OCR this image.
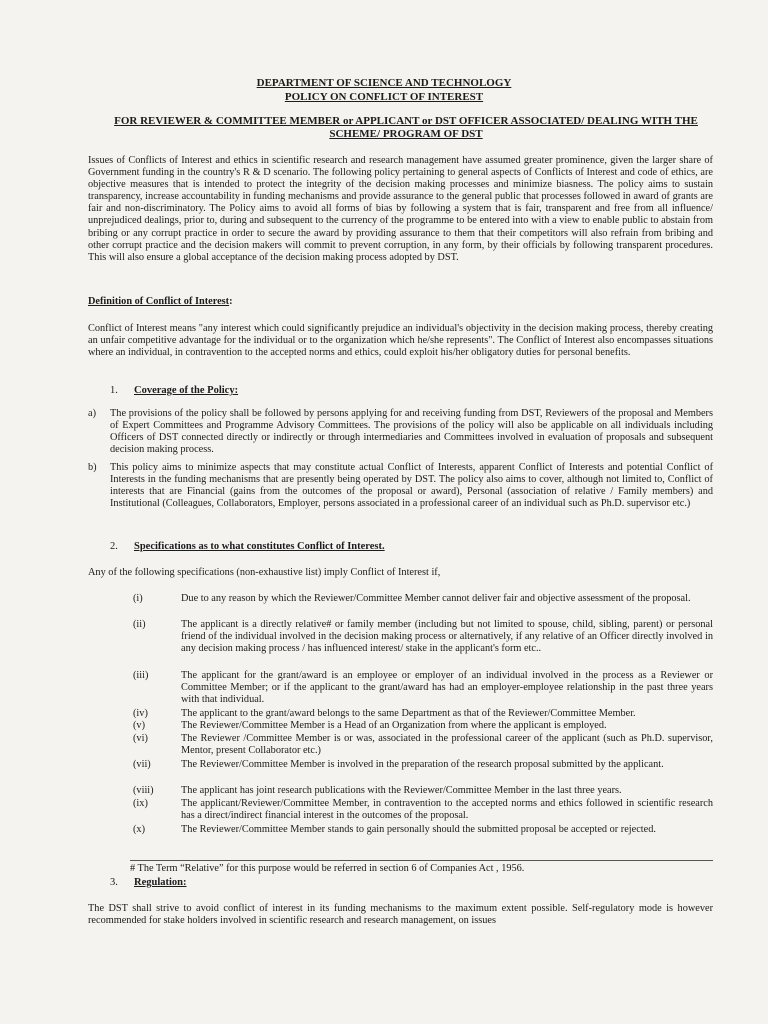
DEPARTMENT OF SCIENCE AND TECHNOLOGY
POLICY ON CONFLICT OF INTEREST
FOR REVIEWER & COMMITTEE MEMBER or APPLICANT or DST OFFICER ASSOCIATED/ DEALING WITH THE SCHEME/ PROGRAM OF DST

Issues of Conflicts of Interest and ethics in scientific research and research management have assumed greater prominence, given the larger share of Government funding in the country's R & D scenario. The following policy pertaining to general aspects of Conflicts of Interest and code of ethics, are objective measures that is intended to protect the integrity of the decision making processes and minimize biasness. The policy aims to sustain transparency, increase accountability in funding mechanisms and provide assurance to the general public that processes followed in award of grants are fair and non-discriminatory. The Policy aims to avoid all forms of bias by following a system that is fair, transparent and free from all influence/ unprejudiced dealings, prior to, during and subsequent to the currency of the programme to be entered into with a view to enable public to abstain from bribing or any corrupt practice in order to secure the award by providing assurance to them that their competitors will also refrain from bribing and other corrupt practice and the decision makers will commit to prevent corruption, in any form, by their officials by following transparent procedures. This will also ensure a global acceptance of the decision making process adopted by DST.

Definition of Conflict of Interest:

Conflict of Interest means "any interest which could significantly prejudice an individual's objectivity in the decision making process, thereby creating an unfair competitive advantage for the individual or to the organization which he/she represents". The Conflict of Interest also encompasses situations where an individual, in contravention to the accepted norms and ethics, could exploit his/her obligatory duties for personal benefits.

1. Coverage of the Policy:
a) The provisions of the policy shall be followed by persons applying for and receiving funding from DST, Reviewers of the proposal and Members of Expert Committees and Programme Advisory Committees. The provisions of the policy will also be applicable on all individuals including Officers of DST connected directly or indirectly or through intermediaries and Committees involved in evaluation of proposals and subsequent decision making process.
b) This policy aims to minimize aspects that may constitute actual Conflict of Interests, apparent Conflict of Interests and potential Conflict of Interests in the funding mechanisms that are presently being operated by DST. The policy also aims to cover, although not limited to, Conflict of interests that are Financial (gains from the outcomes of the proposal or award), Personal (association of relative / Family members) and Institutional (Colleagues, Collaborators, Employer, persons associated in a professional career of an individual such as Ph.D. supervisor etc.)
2. Specifications as to what constitutes Conflict of Interest.
Any of the following specifications (non-exhaustive list) imply Conflict of Interest if,
(i)	Due to any reason by which the Reviewer/Committee Member cannot deliver fair and objective assessment of the proposal.
(ii)	The applicant is a directly relative# or family member (including but not limited to spouse, child, sibling, parent) or personal friend of the individual involved in the decision making process or alternatively, if any relative of an Officer directly involved in any decision making process / has influenced interest/ stake in the applicant's form etc..
(iii)	The applicant for the grant/award is an employee or employer of an individual involved in the process as a Reviewer or Committee Member; or if the applicant to the grant/award has had an employer-employee relationship in the past three years with that individual.
(iv)	The applicant to the grant/award belongs to the same Department as that of the Reviewer/Committee Member.
(v)	The Reviewer/Committee Member is a Head of an Organization from where the applicant is employed.
(vi)	The Reviewer /Committee Member is or was, associated in the professional career of the applicant (such as Ph.D. supervisor, Mentor, present Collaborator etc.)
(vii)	The Reviewer/Committee Member is involved in the preparation of the research proposal submitted by the applicant.
(viii)	The applicant has joint research publications with the Reviewer/Committee Member in the last three years.
(ix)	The applicant/Reviewer/Committee Member, in contravention to the accepted norms and ethics followed in scientific research has a direct/indirect financial interest in the outcomes of the proposal.
(x)	The Reviewer/Committee Member stands to gain personally should the submitted proposal be accepted or rejected.
# The Term “Relative” for this purpose would be referred in section 6 of Companies Act , 1956.
3. Regulation:

The DST shall strive to avoid conflict of interest in its funding mechanisms to the maximum extent possible. Self-regulatory mode is however recommended for stake holders involved in scientific research and research management, on issues
